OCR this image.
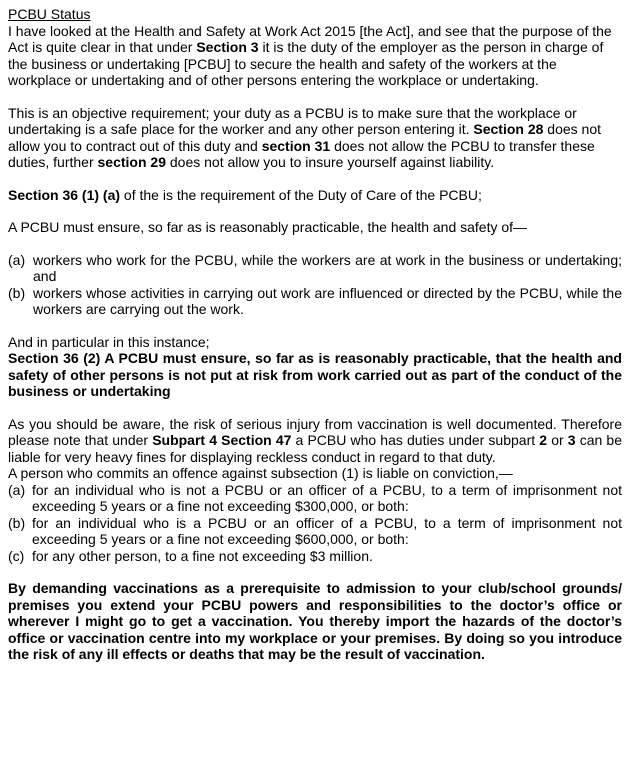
PCBU Status

I have looked at the Health and Safety at Work Act 2015 [the Act], and see that the purpose of the Act is quite clear in that under Section 3 it is the duty of the employer as the person in charge of the business or undertaking [PCBU] to secure the health and safety of the workers at the workplace or undertaking and of other persons entering the workplace or undertaking.

This is an objective requirement; your duty as a PCBU is to make sure that the workplace or undertaking is a safe place for the worker and any other person entering it. Section 28 does not allow you to contract out of this duty and section 31 does not allow the PCBU to transfer these duties, further section 29 does not allow you to insure yourself against liability.

Section 36 (1) (a) of the is the requirement of the Duty of Care of the PCBU;

A PCBU must ensure, so far as is reasonably practicable, the health and safety of—

(a) workers who work for the PCBU, while the workers are at work in the business or undertaking; and
(b) workers whose activities in carrying out work are influenced or directed by the PCBU, while the workers are carrying out the work.

And in particular in this instance;

Section 36 (2) A PCBU must ensure, so far as is reasonably practicable, that the health and safety of other persons is not put at risk from work carried out as part of the conduct of the business or undertaking

As you should be aware, the risk of serious injury from vaccination is well documented. Therefore please note that under Subpart 4 Section 47 a PCBU who has duties under subpart 2 or 3 can be liable for very heavy fines for displaying reckless conduct in regard to that duty.

A person who commits an offence against subsection (1) is liable on conviction,—

(a) for an individual who is not a PCBU or an officer of a PCBU, to a term of imprisonment not exceeding 5 years or a fine not exceeding $300,000, or both:
(b) for an individual who is a PCBU or an officer of a PCBU, to a term of imprisonment not exceeding 5 years or a fine not exceeding $600,000, or both:
(c) for any other person, to a fine not exceeding $3 million.

By demanding vaccinations as a prerequisite to admission to your club/school grounds/ premises you extend your PCBU powers and responsibilities to the doctor’s office or wherever I might go to get a vaccination. You thereby import the hazards of the doctor’s office or vaccination centre into my workplace or your premises. By doing so you introduce the risk of any ill effects or deaths that may be the result of vaccination.
